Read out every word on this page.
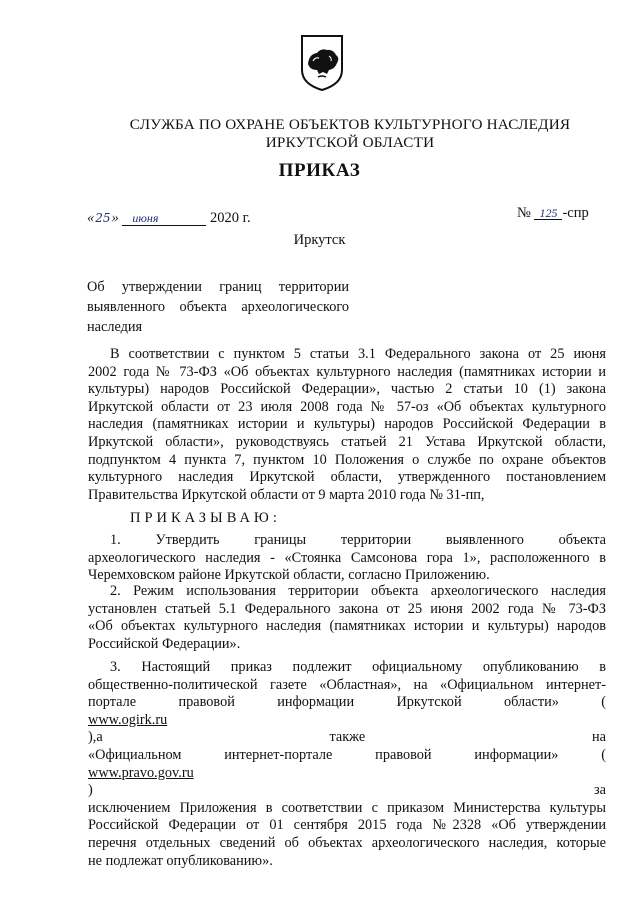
СЛУЖБА ПО ОХРАНЕ ОБЪЕКТОВ КУЛЬТУРНОГО НАСЛЕДИЯ
ИРКУТСКОЙ ОБЛАСТИ
ПРИКАЗ
«25» июня	2020 г.	№ 125 -спр
Иркутск
Об утверждении границ территории
выявленного объекта археологического
наследия
В соответствии с пунктом 5 статьи 3.1 Федерального закона от 25 июня
2002 года № 73-ФЗ «Об объектах культурного наследия (памятниках истории и
культуры) народов Российской Федерации», частью 2 статьи 10 (1) закона
Иркутской области от 23 июля 2008 года № 57-оз «Об объектах культурного
наследия (памятниках истории и культуры) народов Российской Федерации в
Иркутской области», руководствуясь статьей 21 Устава Иркутской области,
подпунктом 4 пункта 7, пунктом 10 Положения о службе по охране объектов
культурного наследия Иркутской области, утвержденного постановлением
Правительства Иркутской области от 9 марта 2010 года № 31-пп,
ПРИКАЗЫВАЮ:
1. Утвердить границы территории выявленного объекта
археологического наследия - «Стоянка Самсонова гора 1», расположенного в
Черемховском районе Иркутской области, согласно Приложению.
2. Режим использования территории объекта археологического наследия
установлен статьей 5.1 Федерального закона от 25 июня 2002 года № 73-ФЗ
«Об объектах культурного наследия (памятниках истории и культуры) народов
Российской Федерации».
3. Настоящий приказ подлежит официальному опубликованию в
общественно-политической газете «Областная», на «Официальном интернет-
портале правовой информации Иркутской области» (
www.ogirk.ru
),а также на
«Официальном интернет-портале правовой информации» (
www.pravo.gov.ru
) за
исключением Приложения в соответствии с приказом Министерства культуры
Российской Федерации от 01 сентября 2015 года №2328 «Об утверждении
перечня отдельных сведений об объектах археологического наследия, которые
не подлежат опубликованию».
